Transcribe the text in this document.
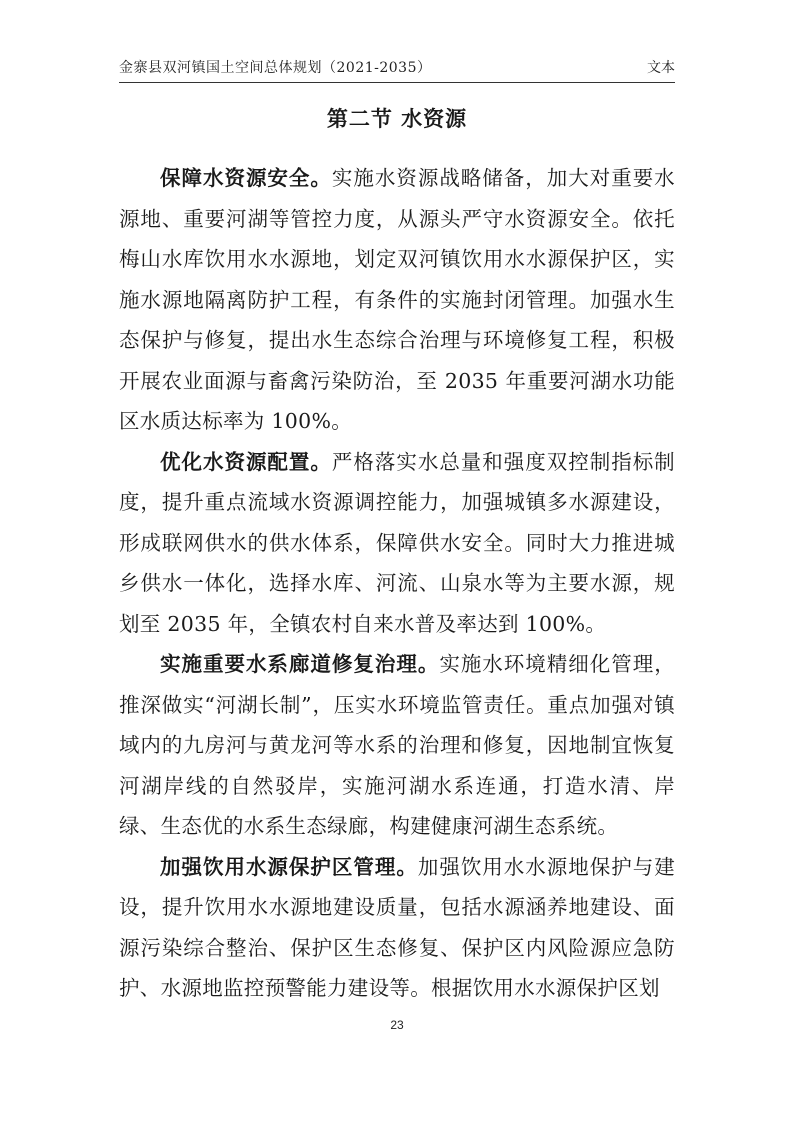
金寨县双河镇国土空间总体规划（2021-2035）	文本
第二节 水资源

保障水资源安全。实施水资源战略储备，加大对重要水源地、重要河湖等管控力度，从源头严守水资源安全。依托梅山水库饮用水水源地，划定双河镇饮用水水源保护区，实施水源地隔离防护工程，有条件的实施封闭管理。加强水生态保护与修复，提出水生态综合治理与环境修复工程，积极开展农业面源与畜禽污染防治，至 2035 年重要河湖水功能区水质达标率为 100%。

优化水资源配置。严格落实水总量和强度双控制指标制度，提升重点流域水资源调控能力，加强城镇多水源建设，形成联网供水的供水体系，保障供水安全。同时大力推进城乡供水一体化，选择水库、河流、山泉水等为主要水源，规划至 2035 年，全镇农村自来水普及率达到 100%。

实施重要水系廊道修复治理。实施水环境精细化管理，推深做实“河湖长制”，压实水环境监管责任。重点加强对镇域内的九房河与黄龙河等水系的治理和修复，因地制宜恢复河湖岸线的自然驳岸，实施河湖水系连通，打造水清、岸绿、生态优的水系生态绿廊，构建健康河湖生态系统。

加强饮用水源保护区管理。加强饮用水水源地保护与建设，提升饮用水水源地建设质量，包括水源涵养地建设、面源污染综合整治、保护区生态修复、保护区内风险源应急防护、水源地监控预警能力建设等。根据饮用水水源保护区划

23
